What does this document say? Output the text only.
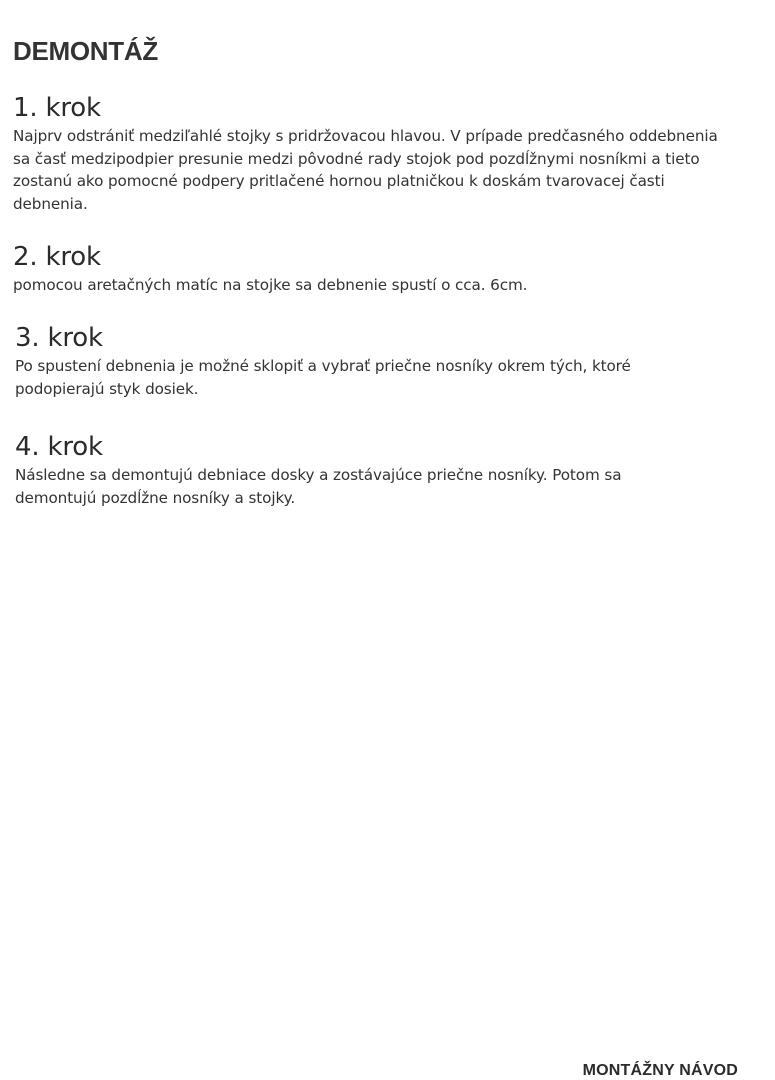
DEMONTÁŽ
1. krok

Najprv odstrániť medziľahlé stojky s pridržovacou hlavou. V prípade predčasného oddebnenia sa časť medzipodpier presunie medzi pôvodné rady stojok pod pozdĺžnymi nosníkmi a tieto zostanú ako pomocné podpery pritlačené hornou platničkou k doskám tvarovacej časti debnenia.

2. krok

pomocou aretačných matíc na stojke sa debnenie spustí o cca. 6cm.

3. krok

Po spustení debnenia je možné sklopiť a vybrať priečne nosníky okrem tých, ktoré podopierajú styk dosiek.

4. krok

Následne sa demontujú debniace dosky a zostávajúce priečne nosníky. Potom sa demontujú pozdĺžne nosníky a stojky.

MONTÁŽNY NÁVOD
